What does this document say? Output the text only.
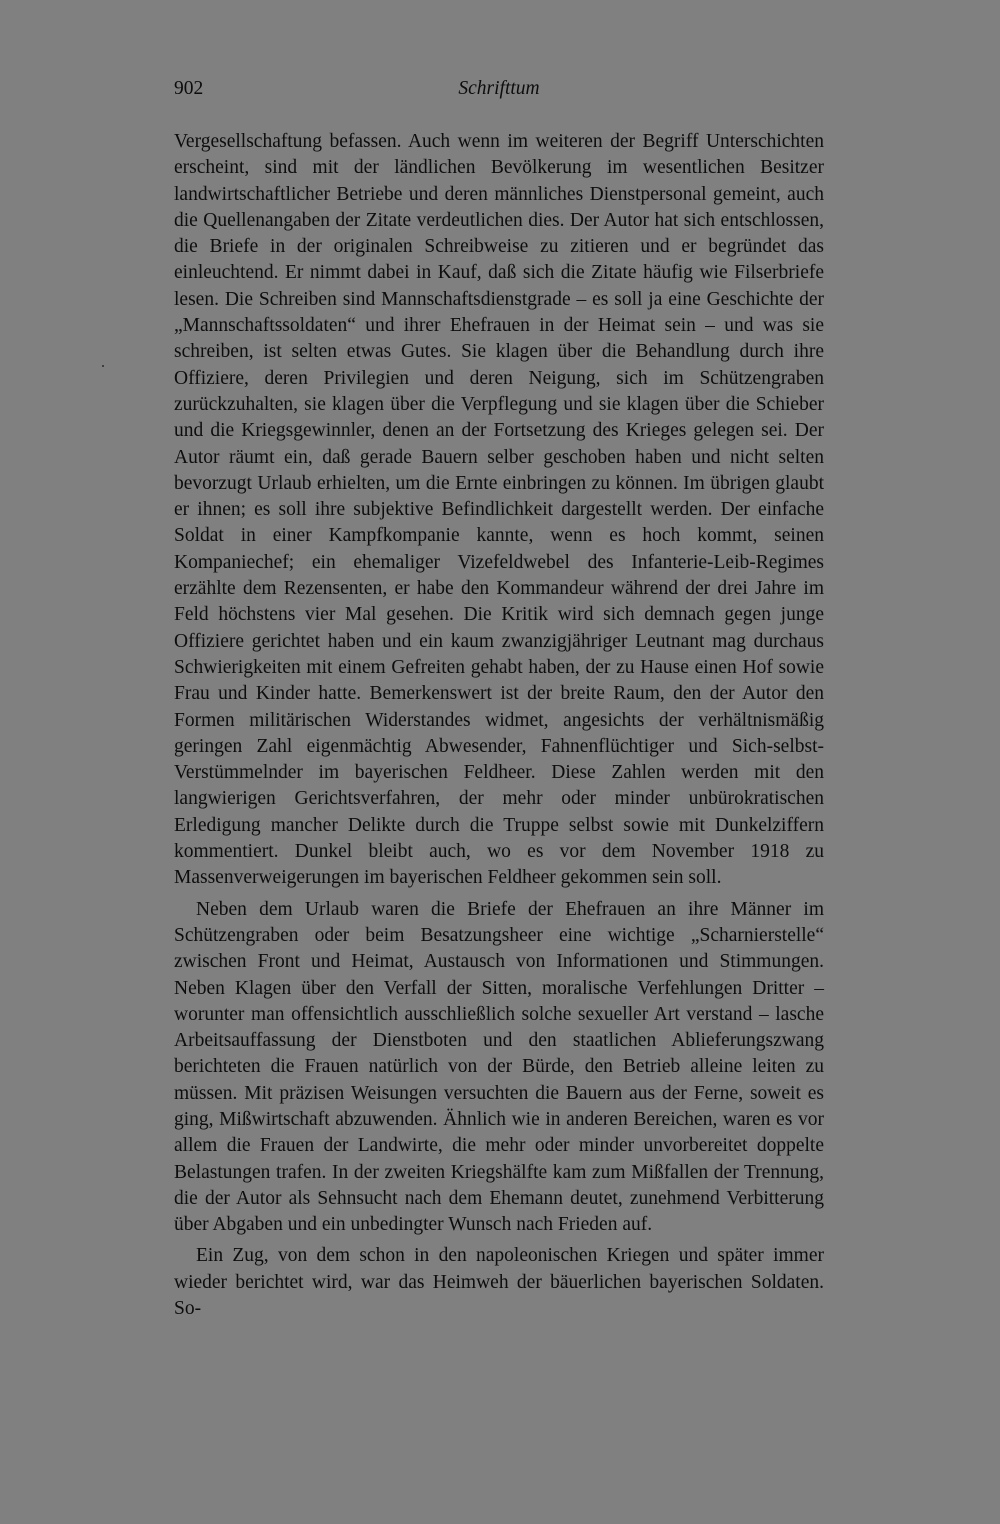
902	Schrifttum

Vergesellschaftung befassen. Auch wenn im weiteren der Begriff Unterschichten erscheint, sind mit der ländlichen Bevölkerung im wesentlichen Besitzer landwirtschaftlicher Betriebe und deren männliches Dienstpersonal gemeint, auch die Quellenangaben der Zitate verdeutlichen dies. Der Autor hat sich entschlossen, die Briefe in der originalen Schreibweise zu zitieren und er begründet das einleuchtend. Er nimmt dabei in Kauf, daß sich die Zitate häufig wie Filserbriefe lesen. Die Schreiben sind Mannschaftsdienstgrade – es soll ja eine Geschichte der „Mannschaftssoldaten“ und ihrer Ehefrauen in der Heimat sein – und was sie schreiben, ist selten etwas Gutes. Sie klagen über die Behandlung durch ihre Offiziere, deren Privilegien und deren Neigung, sich im Schützengraben zurückzuhalten, sie klagen über die Verpflegung und sie klagen über die Schieber und die Kriegsgewinnler, denen an der Fortsetzung des Krieges gelegen sei. Der Autor räumt ein, daß gerade Bauern selber geschoben haben und nicht selten bevorzugt Urlaub erhielten, um die Ernte einbringen zu können. Im übrigen glaubt er ihnen; es soll ihre subjektive Befindlichkeit dargestellt werden. Der einfache Soldat in einer Kampfkompanie kannte, wenn es hoch kommt, seinen Kompaniechef; ein ehemaliger Vizefeldwebel des Infanterie-Leib-Regimes erzählte dem Rezensenten, er habe den Kommandeur während der drei Jahre im Feld höchstens vier Mal gesehen. Die Kritik wird sich demnach gegen junge Offiziere gerichtet haben und ein kaum zwanzigjähriger Leutnant mag durchaus Schwierigkeiten mit einem Gefreiten gehabt haben, der zu Hause einen Hof sowie Frau und Kinder hatte. Bemerkenswert ist der breite Raum, den der Autor den Formen militärischen Widerstandes widmet, angesichts der verhältnismäßig geringen Zahl eigenmächtig Abwesender, Fahnenflüchtiger und Sich-selbst-Verstümmelnder im bayerischen Feldheer. Diese Zahlen werden mit den langwierigen Gerichtsverfahren, der mehr oder minder unbürokratischen Erledigung mancher Delikte durch die Truppe selbst sowie mit Dunkelziffern kommentiert. Dunkel bleibt auch, wo es vor dem November 1918 zu Massenverweigerungen im bayerischen Feldheer gekommen sein soll.

Neben dem Urlaub waren die Briefe der Ehefrauen an ihre Männer im Schützengraben oder beim Besatzungsheer eine wichtige „Scharnierstelle“ zwischen Front und Heimat, Austausch von Informationen und Stimmungen. Neben Klagen über den Verfall der Sitten, moralische Verfehlungen Dritter – worunter man offensichtlich ausschließlich solche sexueller Art verstand – lasche Arbeitsauffassung der Dienstboten und den staatlichen Ablieferungszwang berichteten die Frauen natürlich von der Bürde, den Betrieb alleine leiten zu müssen. Mit präzisen Weisungen versuchten die Bauern aus der Ferne, soweit es ging, Mißwirtschaft abzuwenden. Ähnlich wie in anderen Bereichen, waren es vor allem die Frauen der Landwirte, die mehr oder minder unvorbereitet doppelte Belastungen trafen. In der zweiten Kriegshälfte kam zum Mißfallen der Trennung, die der Autor als Sehnsucht nach dem Ehemann deutet, zunehmend Verbitterung über Abgaben und ein unbedingter Wunsch nach Frieden auf.

Ein Zug, von dem schon in den napoleonischen Kriegen und später immer wieder berichtet wird, war das Heimweh der bäuerlichen bayerischen Soldaten. So-
